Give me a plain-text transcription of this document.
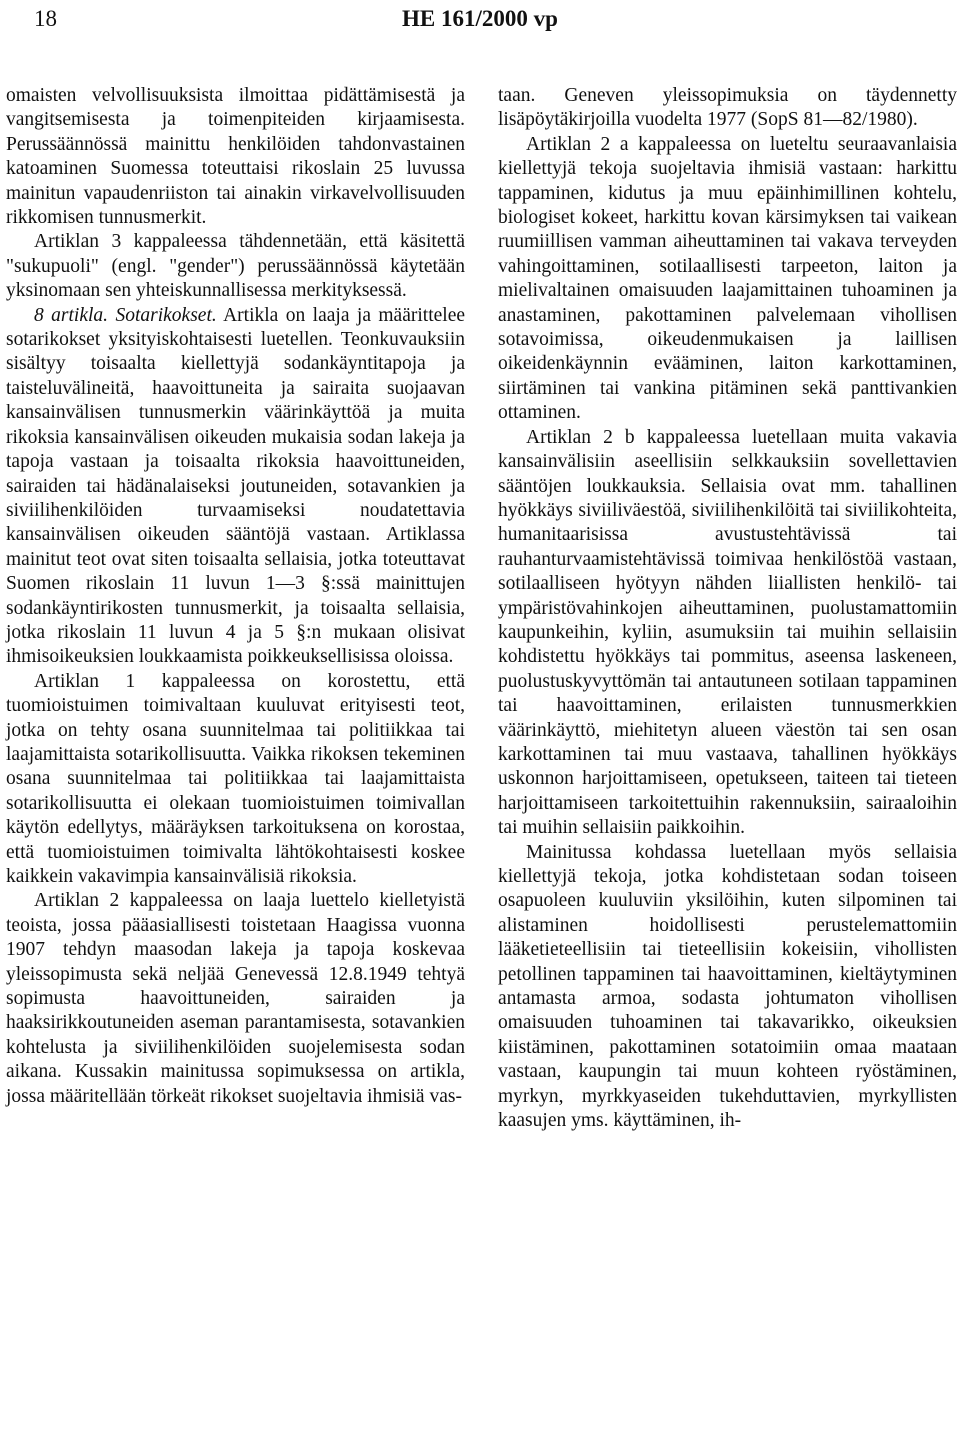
18	HE 161/2000 vp

omaisten velvollisuuksista ilmoittaa pidättämisestä ja vangitsemisesta ja toimenpiteiden kirjaamisesta. Perussäännössä mainittu henkilöiden tahdonvastainen katoaminen Suomessa toteuttaisi rikoslain 25 luvussa mainitun vapaudenriiston tai ainakin virkavelvollisuuden rikkomisen tunnusmerkit.

Artiklan 3 kappaleessa tähdennetään, että käsitettä "sukupuoli" (engl. "gender") perussäännössä käytetään yksinomaan sen yhteiskunnallisessa merkityksessä.

8 artikla. Sotarikokset. Artikla on laaja ja määrittelee sotarikokset yksityiskohtaisesti luetellen. Teonkuvauksiin sisältyy toisaalta kiellettyjä sodankäyntitapoja ja taisteluvälineitä, haavoittuneita ja sairaita suojaavan kansainvälisen tunnusmerkin väärinkäyttöä ja muita rikoksia kansainvälisen oikeuden mukaisia sodan lakeja ja tapoja vastaan ja toisaalta rikoksia haavoittuneiden, sairaiden tai hädänalaiseksi joutuneiden, sotavankien ja siviilihenkilöiden turvaamiseksi noudatettavia kansainvälisen oikeuden sääntöjä vastaan. Artiklassa mainitut teot ovat siten toisaalta sellaisia, jotka toteuttavat Suomen rikoslain 11 luvun 1—3 §:ssä mainittujen sodankäyntirikosten tunnusmerkit, ja toisaalta sellaisia, jotka rikoslain 11 luvun 4 ja 5 §:n mukaan olisivat ihmisoikeuksien loukkaamista poikkeuksellisissa oloissa.

Artiklan 1 kappaleessa on korostettu, että tuomioistuimen toimivaltaan kuuluvat erityisesti teot, jotka on tehty osana suunnitelmaa tai politiikkaa tai laajamittaista sotarikollisuutta. Vaikka rikoksen tekeminen osana suunnitelmaa tai politiikkaa tai laajamittaista sotarikollisuutta ei olekaan tuomioistuimen toimivallan käytön edellytys, määräyksen tarkoituksena on korostaa, että tuomioistuimen toimivalta lähtökohtaisesti koskee kaikkein vakavimpia kansainvälisiä rikoksia.

Artiklan 2 kappaleessa on laaja luettelo kielletyistä teoista, jossa pääasiallisesti toistetaan Haagissa vuonna 1907 tehdyn maasodan lakeja ja tapoja koskevaa yleissopimusta sekä neljää Genevessä 12.8.1949 tehtyä sopimusta haavoittuneiden, sairaiden ja haaksirikkoutuneiden aseman parantamisesta, sotavankien kohtelusta ja siviilihenkilöiden suojelemisesta sodan aikana. Kussakin mainitussa sopimuksessa on artikla, jossa määritellään törkeät rikokset suojeltavia ihmisiä vas-

taan. Geneven yleissopimuksia on täydennetty lisäpöytäkirjoilla vuodelta 1977 (SopS 81—82/1980).

Artiklan 2 a kappaleessa on lueteltu seuraavanlaisia kiellettyjä tekoja suojeltavia ihmisiä vastaan: harkittu tappaminen, kidutus ja muu epäinhimillinen kohtelu, biologiset kokeet, harkittu kovan kärsimyksen tai vaikean ruumiillisen vamman aiheuttaminen tai vakava terveyden vahingoittaminen, sotilaallisesti tarpeeton, laiton ja mielivaltainen omaisuuden laajamittainen tuhoaminen ja anastaminen, pakottaminen palvelemaan vihollisen sotavoimissa, oikeudenmukaisen ja laillisen oikeidenkäynnin evääminen, laiton karkottaminen, siirtäminen tai vankina pitäminen sekä panttivankien ottaminen.

Artiklan 2 b kappaleessa luetellaan muita vakavia kansainvälisiin aseellisiin selkkauksiin sovellettavien sääntöjen loukkauksia. Sellaisia ovat mm. tahallinen hyökkäys siviiliväestöä, siviilihenkilöitä tai siviilikohteita, humanitaarisissa avustustehtävissä tai rauhanturvaamistehtävissä toimivaa henkilöstöä vastaan, sotilaalliseen hyötyyn nähden liiallisten henkilö- tai ympäristövahinkojen aiheuttaminen, puolustamattomiin kaupunkeihin, kyliin, asumuksiin tai muihin sellaisiin kohdistettu hyökkäys tai pommitus, aseensa laskeneen, puolustuskyvyttömän tai antautuneen sotilaan tappaminen tai haavoittaminen, erilaisten tunnusmerkkien väärinkäyttö, miehitetyn alueen väestön tai sen osan karkottaminen tai muu vastaava, tahallinen hyökkäys uskonnon harjoittamiseen, opetukseen, taiteen tai tieteen harjoittamiseen tarkoitettuihin rakennuksiin, sairaaloihin tai muihin sellaisiin paikkoihin.

Mainitussa kohdassa luetellaan myös sellaisia kiellettyjä tekoja, jotka kohdistetaan sodan toiseen osapuoleen kuuluviin yksilöihin, kuten silpominen tai alistaminen hoidollisesti perustelemattomiin lääketieteellisiin tai tieteellisiin kokeisiin, vihollisten petollinen tappaminen tai haavoittaminen, kieltäytyminen antamasta armoa, sodasta johtumaton vihollisen omaisuuden tuhoaminen tai takavarikko, oikeuksien kiistäminen, pakottaminen sotatoimiin omaa maataan vastaan, kaupungin tai muun kohteen ryöstäminen, myrkyn, myrkkyaseiden tukehduttavien, myrkyllisten kaasujen yms. käyttäminen, ih-
